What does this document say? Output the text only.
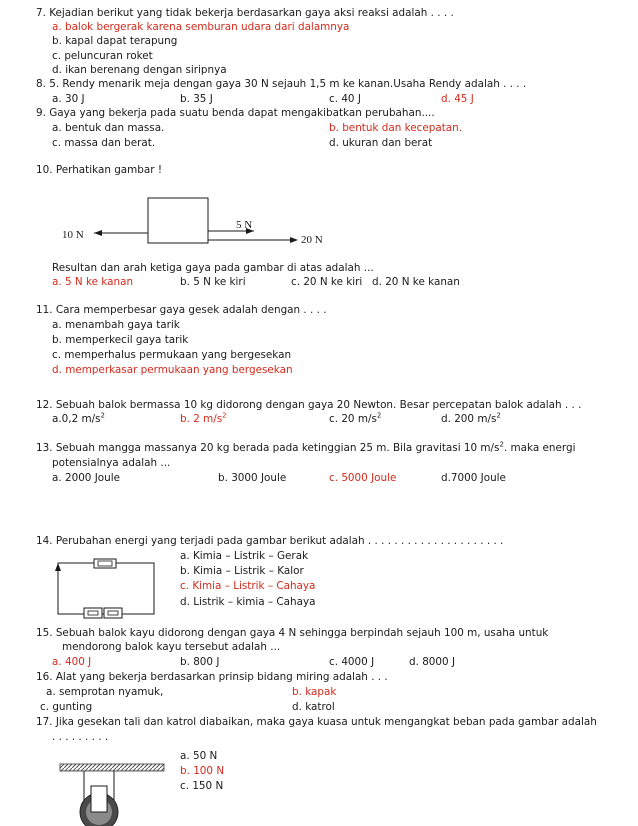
7. Kejadian berikut yang tidak bekerja berdasarkan gaya aksi reaksi adalah . . . .
a. balok bergerak karena semburan udara dari dalamnya
b. kapal dapat terapung
c. peluncuran roket
d. ikan berenang dengan siripnya
8. 5. Rendy menarik meja dengan gaya 30 N sejauh 1,5 m ke kanan.Usaha Rendy adalah . . . .
a. 30 J	b. 35 J	c. 40 J	d. 45 J
9. Gaya yang bekerja pada suatu benda dapat mengakibatkan perubahan....
a. bentuk dan massa.	b. bentuk dan kecepatan.
c. massa dan berat.	d. ukuran dan berat
10. Perhatikan gambar !
10 N
5 N
20 N
Resultan dan arah ketiga gaya pada gambar di atas adalah ...
a. 5 N ke kanan	b. 5 N ke kiri	c. 20 N ke kiri d. 20 N ke kanan
11. Cara memperbesar gaya gesek adalah dengan . . . .
a. menambah gaya tarik
b. memperkecil gaya tarik
c. memperhalus permukaan yang bergesekan
d. memperkasar permukaan yang bergesekan
12. Sebuah balok bermassa 10 kg didorong dengan gaya 20 Newton. Besar percepatan balok adalah . . .
a.0,2 $m/s^2$	b. 2 $m/s^2$	c. 20 $m/s^2$	d. 200 $m/s^2$
13. Sebuah mangga massanya 20 kg berada pada ketinggian 25 m. Bila gravitasi 10 $m/s^2$. maka energi
potensialnya adalah ...
a. 2000 Joule	b. 3000 Joule	c. 5000 Joule	d.7000 Joule
14. Perubahan energi yang terjadi pada gambar berikut adalah . . . . . . . . . . . . . . . . . . . . .
a. Kimia – Listrik – Gerak
b. Kimia – Listrik – Kalor
c. Kimia – Listrik – Cahaya
d. Listrik – kimia – Cahaya
15. Sebuah balok kayu didorong dengan gaya 4 N sehingga berpindah sejauh 100 m, usaha untuk
mendorong balok kayu tersebut adalah ...
a. 400 J	b. 800 J	c. 4000 J	d. 8000 J
16. Alat yang bekerja berdasarkan prinsip bidang miring adalah . . .
a. semprotan nyamuk,	b. kapak
c. gunting	d. katrol
17. Jika gesekan tali dan katrol diabaikan, maka gaya kuasa untuk mengangkat beban pada gambar adalah
. . . . . . . . .
a. 50 N
b. 100 N
c. 150 N
